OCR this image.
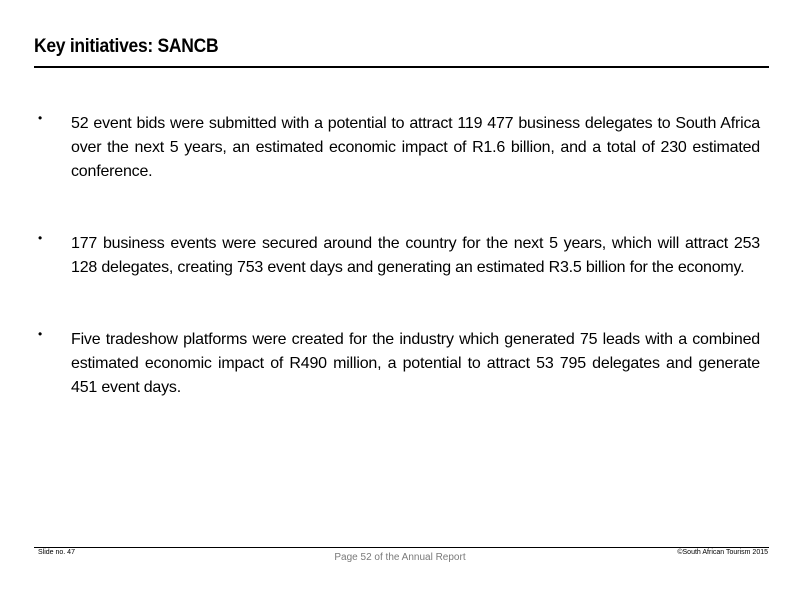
Key initiatives: SANCB
•	52 event bids were submitted with a potential to attract 119 477 business delegates to South Africa over the next 5 years, an estimated economic impact of R1.6 billion, and a total of 230 estimated conference.
•	177 business events were secured around the country for the next 5 years, which will attract 253 128 delegates, creating 753 event days and generating an estimated R3.5 billion for the economy.
•	Five tradeshow platforms were created for the industry which generated 75 leads with a combined estimated economic impact of R490 million, a potential to attract 53 795 delegates and generate 451 event days.
Slide no. 47	Page 52 of the Annual Report	©South African Tourism 2015
